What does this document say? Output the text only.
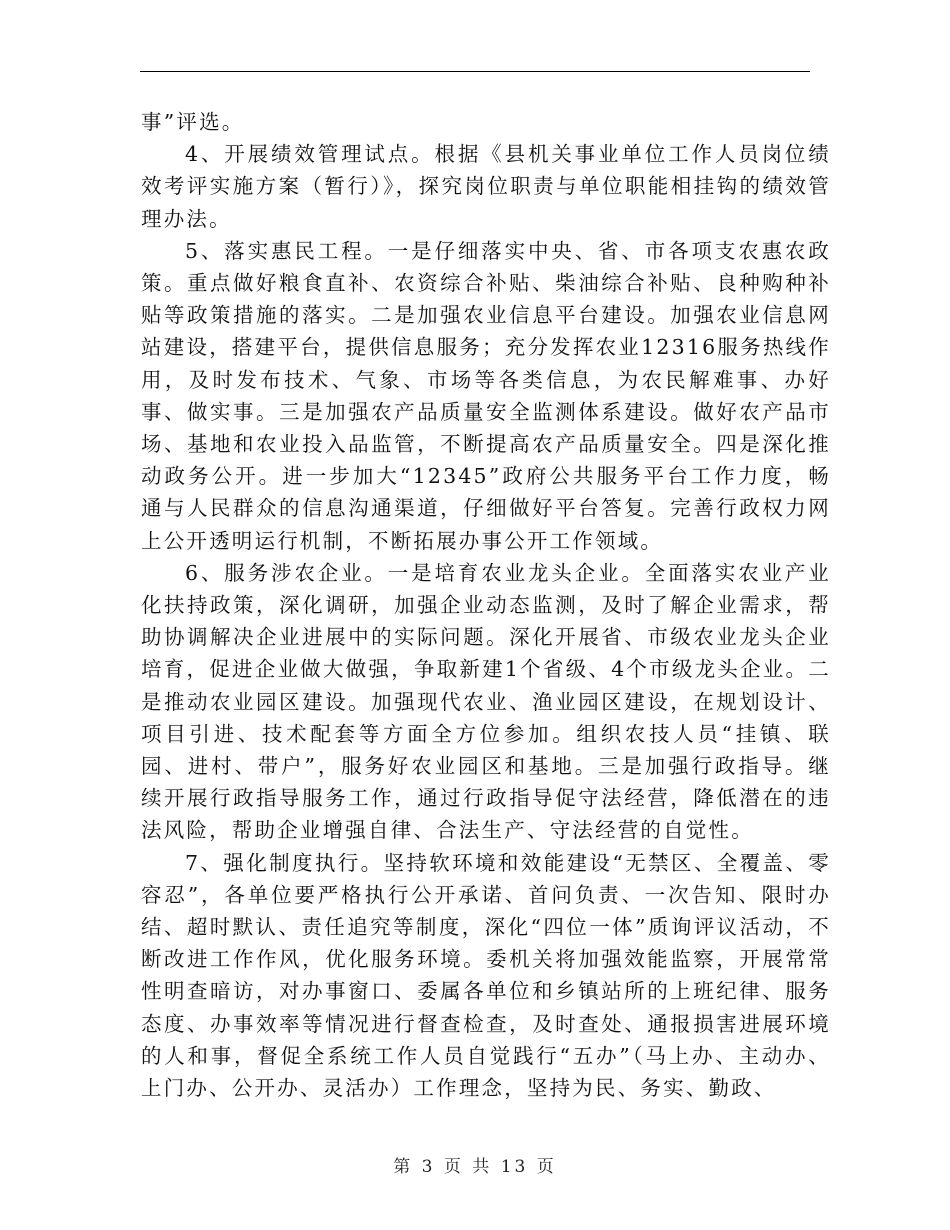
事”评选。

4、开展绩效管理试点。根据《县机关事业单位工作人员岗位绩效考评实施方案（暂行）》，探究岗位职责与单位职能相挂钩的绩效管理办法。

5、落实惠民工程。一是仔细落实中央、省、市各项支农惠农政策。重点做好粮食直补、农资综合补贴、柴油综合补贴、良种购种补贴等政策措施的落实。二是加强农业信息平台建设。加强农业信息网站建设，搭建平台，提供信息服务；充分发挥农业12316服务热线作用，及时发布技术、气象、市场等各类信息，为农民解难事、办好事、做实事。三是加强农产品质量安全监测体系建设。做好农产品市场、基地和农业投入品监管，不断提高农产品质量安全。四是深化推动政务公开。进一步加大“12345”政府公共服务平台工作力度，畅通与人民群众的信息沟通渠道，仔细做好平台答复。完善行政权力网上公开透明运行机制，不断拓展办事公开工作领域。

6、服务涉农企业。一是培育农业龙头企业。全面落实农业产业化扶持政策，深化调研，加强企业动态监测，及时了解企业需求，帮助协调解决企业进展中的实际问题。深化开展省、市级农业龙头企业培育，促进企业做大做强，争取新建1个省级、4个市级龙头企业。二是推动农业园区建设。加强现代农业、渔业园区建设，在规划设计、项目引进、技术配套等方面全方位参加。组织农技人员“挂镇、联园、进村、带户”，服务好农业园区和基地。三是加强行政指导。继续开展行政指导服务工作，通过行政指导促守法经营，降低潜在的违法风险，帮助企业增强自律、合法生产、守法经营的自觉性。

7、强化制度执行。坚持软环境和效能建设“无禁区、全覆盖、零容忍”，各单位要严格执行公开承诺、首问负责、一次告知、限时办结、超时默认、责任追究等制度，深化“四位一体”质询评议活动，不断改进工作作风，优化服务环境。委机关将加强效能监察，开展常常性明查暗访，对办事窗口、委属各单位和乡镇站所的上班纪律、服务态度、办事效率等情况进行督查检查，及时查处、通报损害进展环境的人和事，督促全系统工作人员自觉践行“五办”（马上办、主动办、上门办、公开办、灵活办）工作理念，坚持为民、务实、勤政、

第 3 页 共 13 页
